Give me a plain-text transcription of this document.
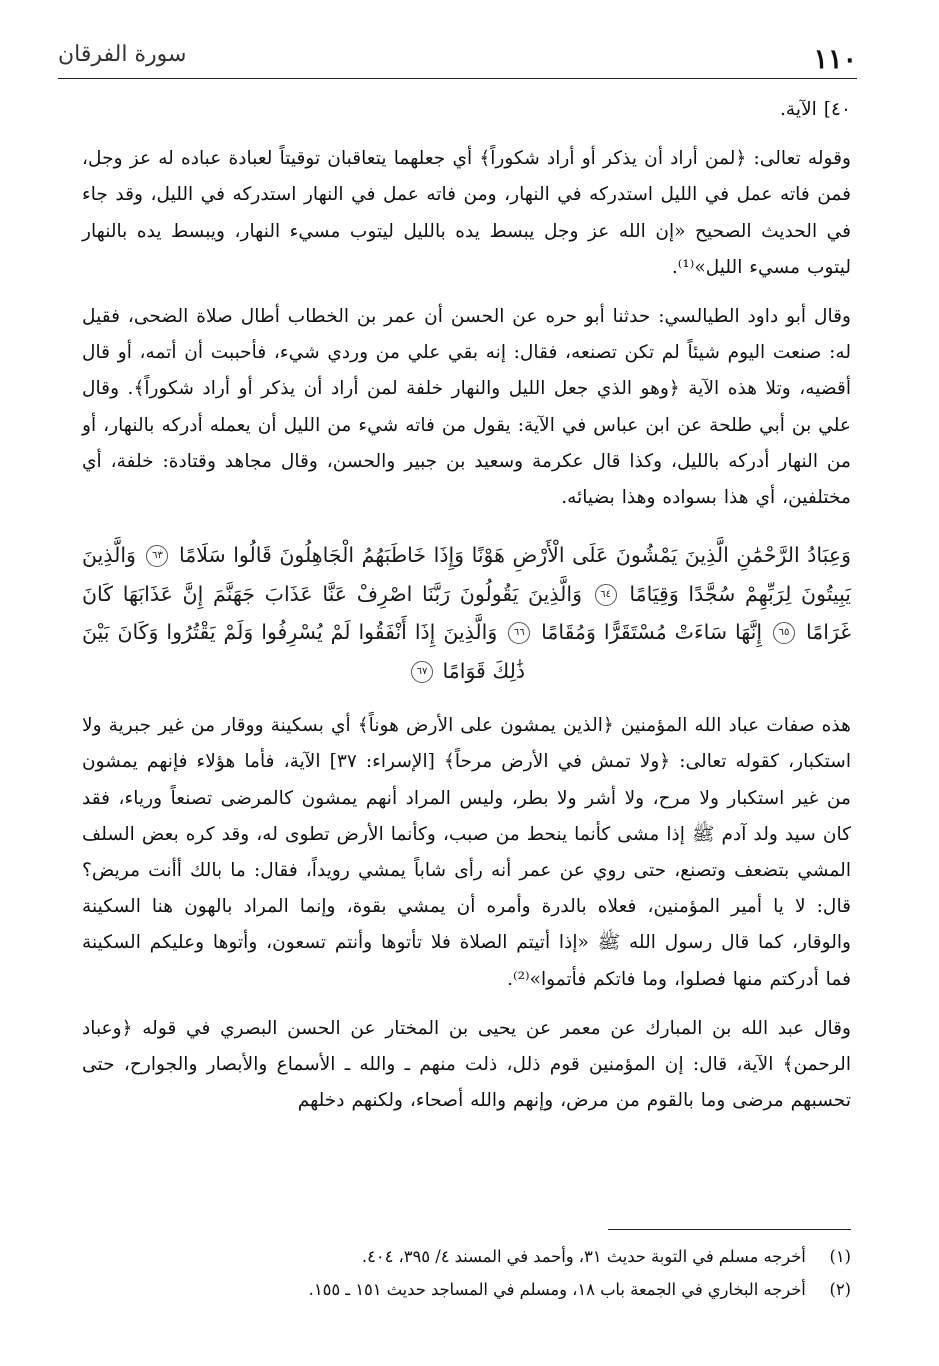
١١٠
سورة الفرقان

٤٠] الآية.

وقوله تعالى: ﴿لمن أراد أن يذكر أو أراد شكوراً﴾ أي جعلهما يتعاقبان توقيتاً لعبادة عباده له عز وجل، فمن فاته عمل في الليل استدركه في النهار، ومن فاته عمل في النهار استدركه في الليل، وقد جاء في الحديث الصحيح «إن الله عز وجل يبسط يده بالليل ليتوب مسيء النهار، ويبسط يده بالنهار ليتوب مسيء الليل»⁽¹⁾.

وقال أبو داود الطيالسي: حدثنا أبو حره عن الحسن أن عمر بن الخطاب أطال صلاة الضحى، فقيل له: صنعت اليوم شيئاً لم تكن تصنعه، فقال: إنه بقي علي من وردي شيء، فأحببت أن أتمه، أو قال أقضيه، وتلا هذه الآية ﴿وهو الذي جعل الليل والنهار خلفة لمن أراد أن يذكر أو أراد شكوراً﴾. وقال علي بن أبي طلحة عن ابن عباس في الآية: يقول من فاته شيء من الليل أن يعمله أدركه بالنهار، أو من النهار أدركه بالليل، وكذا قال عكرمة وسعيد بن جبير والحسن، وقال مجاهد وقتادة: خلفة، أي مختلفين، أي هذا بسواده وهذا بضيائه.

وَعِبَادُ الرَّحْمَٰنِ الَّذِينَ يَمْشُونَ عَلَى الْأَرْضِ هَوْنًا وَإِذَا خَاطَبَهُمُ الْجَاهِلُونَ قَالُوا سَلَامًا ٦٣ وَالَّذِينَ يَبِيتُونَ لِرَبِّهِمْ سُجَّدًا وَقِيَامًا ٦٤ وَالَّذِينَ يَقُولُونَ رَبَّنَا اصْرِفْ عَنَّا عَذَابَ جَهَنَّمَ إِنَّ عَذَابَهَا كَانَ غَرَامًا ٦٥ إِنَّهَا سَاءَتْ مُسْتَقَرًّا وَمُقَامًا ٦٦ وَالَّذِينَ إِذَا أَنْفَقُوا لَمْ يُسْرِفُوا وَلَمْ يَقْتُرُوا وَكَانَ بَيْنَ ذَٰلِكَ قَوَامًا ٦٧

هذه صفات عباد الله المؤمنين ﴿الذين يمشون على الأرض هوناً﴾ أي بسكينة ووقار من غير جبرية ولا استكبار، كقوله تعالى: ﴿ولا تمش في الأرض مرحاً﴾ [الإسراء: ٣٧] الآية، فأما هؤلاء فإنهم يمشون من غير استكبار ولا مرح، ولا أشر ولا بطر، وليس المراد أنهم يمشون كالمرضى تصنعاً ورياء، فقد كان سيد ولد آدم ﷺ إذا مشى كأنما ينحط من صبب، وكأنما الأرض تطوى له، وقد كره بعض السلف المشي بتضعف وتصنع، حتى روي عن عمر أنه رأى شاباً يمشي رويداً، فقال: ما بالك أأنت مريض؟ قال: لا يا أمير المؤمنين، فعلاه بالدرة وأمره أن يمشي بقوة، وإنما المراد بالهون هنا السكينة والوقار، كما قال رسول الله ﷺ «إذا أتيتم الصلاة فلا تأتوها وأنتم تسعون، وأتوها وعليكم السكينة فما أدركتم منها فصلوا، وما فاتكم فأتموا»⁽²⁾.

وقال عبد الله بن المبارك عن معمر عن يحيى بن المختار عن الحسن البصري في قوله ﴿وعباد الرحمن﴾ الآية، قال: إن المؤمنين قوم ذلل، ذلت منهم ـ والله ـ الأسماع والأبصار والجوارح، حتى تحسبهم مرضى وما بالقوم من مرض، وإنهم والله أصحاء، ولكنهم دخلهم

(١) أخرجه مسلم في التوبة حديث ٣١، وأحمد في المسند ٤/ ٣٩٥، ٤٠٤.

(٢) أخرجه البخاري في الجمعة باب ١٨، ومسلم في المساجد حديث ١٥١ ـ ١٥٥.
